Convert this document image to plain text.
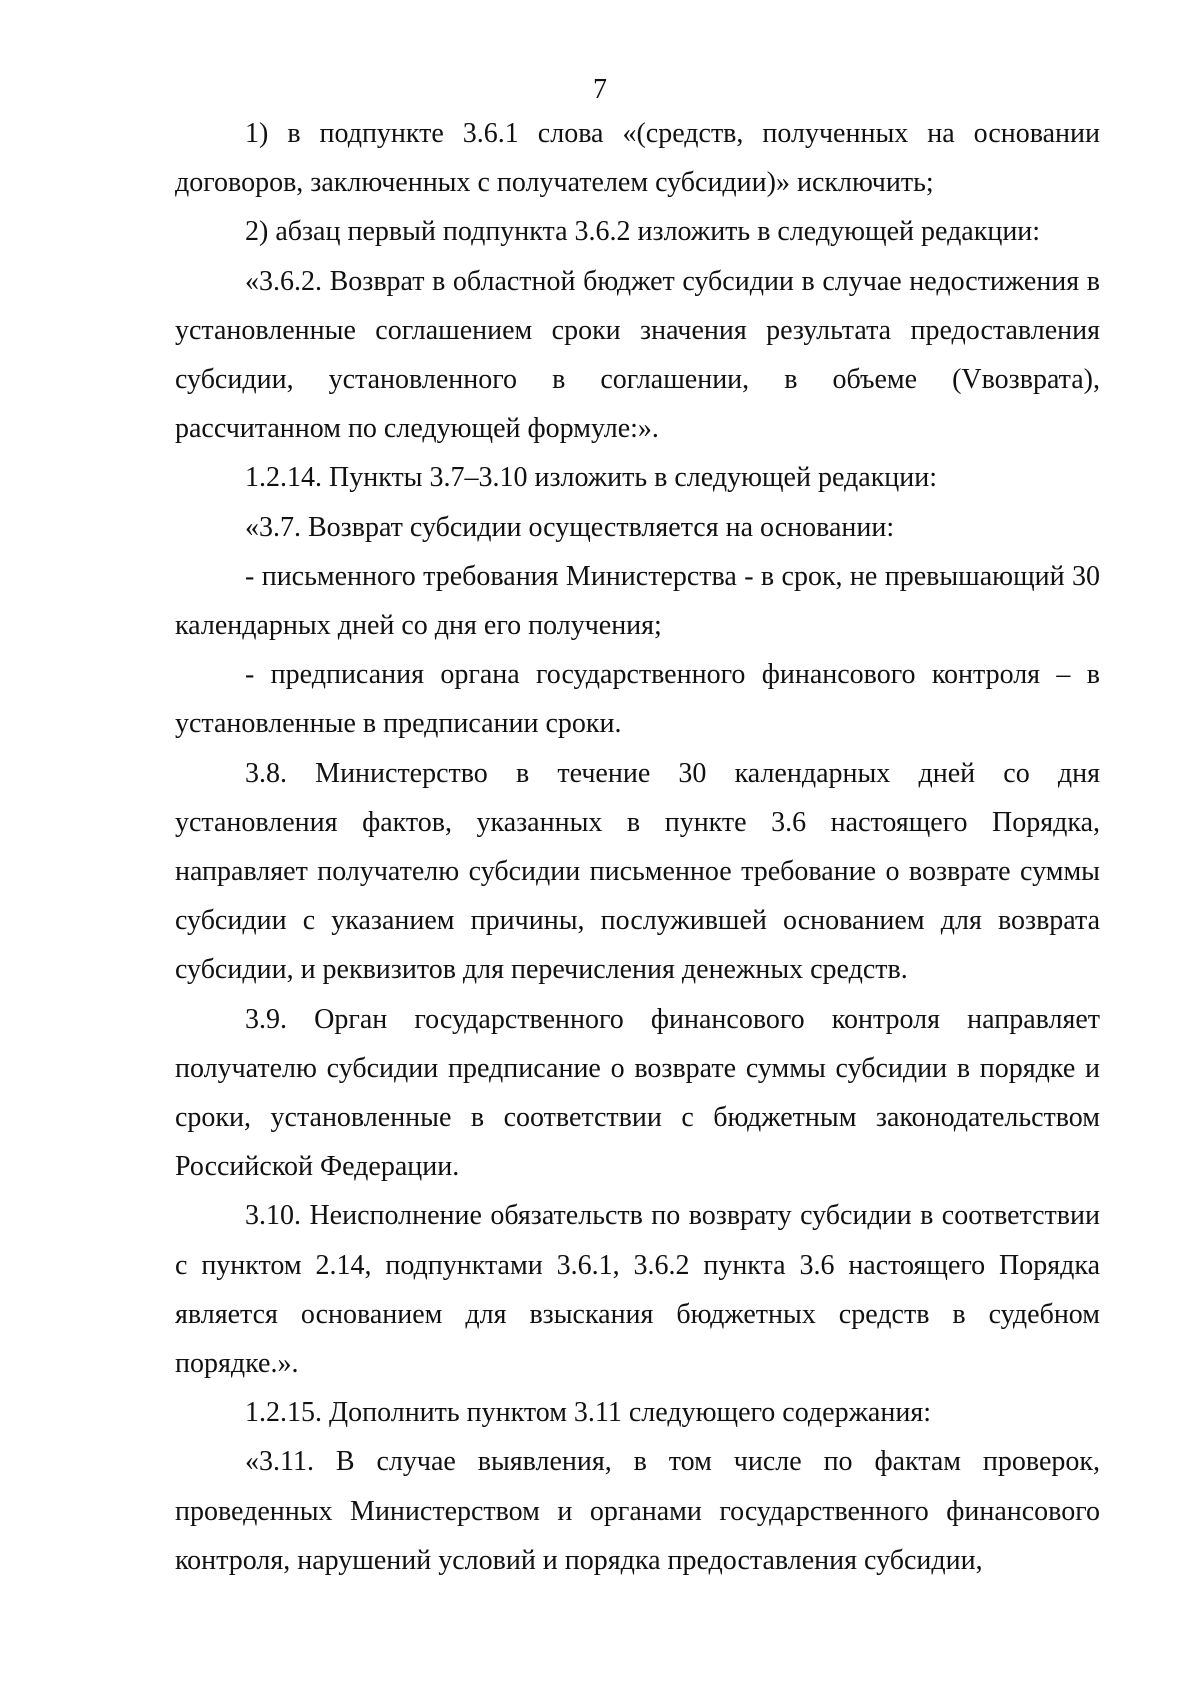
7

1) в подпункте 3.6.1 слова «(средств, полученных на основании договоров, заключенных с получателем субсидии)» исключить;

2) абзац первый подпункта 3.6.2 изложить в следующей редакции:

«3.6.2. Возврат в областной бюджет субсидии в случае недостижения в установленные соглашением сроки значения результата предоставления субсидии, установленного в соглашении, в объеме (Vвозврата), рассчитанном по следующей формуле:».

1.2.14. Пункты 3.7–3.10 изложить в следующей редакции:

«3.7. Возврат субсидии осуществляется на основании:

- письменного требования Министерства - в срок, не превышающий 30 календарных дней со дня его получения;

- предписания органа государственного финансового контроля – в установленные в предписании сроки.

3.8. Министерство в течение 30 календарных дней со дня установления фактов, указанных в пункте 3.6 настоящего Порядка, направляет получателю субсидии письменное требование о возврате суммы субсидии с указанием причины, послужившей основанием для возврата субсидии, и реквизитов для перечисления денежных средств.

3.9. Орган государственного финансового контроля направляет получателю субсидии предписание о возврате суммы субсидии в порядке и сроки, установленные в соответствии с бюджетным законодательством Российской Федерации.

3.10. Неисполнение обязательств по возврату субсидии в соответствии с пунктом 2.14, подпунктами 3.6.1, 3.6.2 пункта 3.6 настоящего Порядка является основанием для взыскания бюджетных средств в судебном порядке.».

1.2.15. Дополнить пунктом 3.11 следующего содержания:

«3.11. В случае выявления, в том числе по фактам проверок, проведенных Министерством и органами государственного финансового контроля, нарушений условий и порядка предоставления субсидии,
